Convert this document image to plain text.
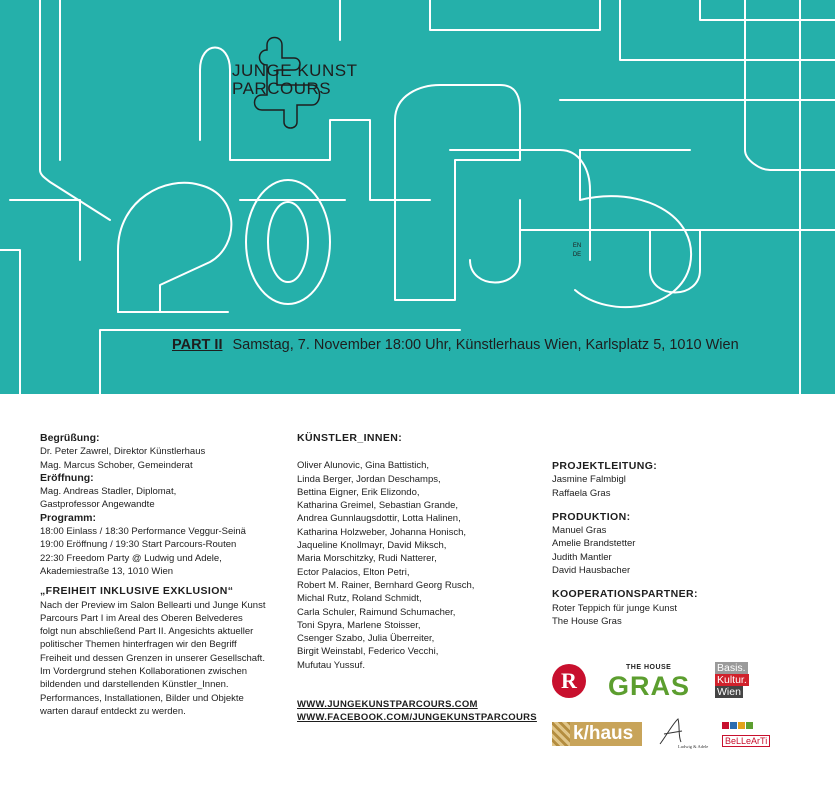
JUNGE KUNST
PARCOURS
ENDE
PART II Samstag, 7. November 18:00 Uhr, Künstlerhaus Wien, Karlsplatz 5, 1010 Wien

Begrüßung:

Dr. Peter Zawrel, Direktor Künstlerhaus

Mag. Marcus Schober, Gemeinderat

Eröffnung:

Mag. Andreas Stadler, Diplomat,

Gastprofessor Angewandte

Programm:

18:00 Einlass / 18:30 Performance Veggur-Seinä

19:00 Eröffnung / 19:30 Start Parcours-Routen

22:30 Freedom Party @ Ludwig und Adele,

Akademiestraße 13, 1010 Wien

„FREIHEIT INKLUSIVE EXKLUSION“

Nach der Preview im Salon Bellearti und Junge Kunst

Parcours Part I im Areal des Oberen Belvederes

folgt nun abschließend Part II. Angesichts aktueller

politischer Themen hinterfragen wir den Begriff

Freiheit und dessen Grenzen in unserer Gesellschaft.

Im Vordergrund stehen Kollaborationen zwischen

bildenden und darstellenden Künstler_Innen.

Performances, Installationen, Bilder und Objekte

warten darauf entdeckt zu werden.

KÜNSTLER_INNEN:

Oliver Alunovic, Gina Battistich,

Linda Berger, Jordan Deschamps,

Bettina Eigner, Erik Elizondo,

Katharina Greimel, Sebastian Grande,

Andrea Gunnlaugsdottir, Lotta Halinen,

Katharina Holzweber, Johanna Honisch,

Jaqueline Knollmayr, David Miksch,

Maria Morschitzky, Rudi Natterer,

Ector Palacios, Elton Petri,

Robert M. Rainer, Bernhard Georg Rusch,

Michal Rutz, Roland Schmidt,

Carla Schuler, Raimund Schumacher,

Toni Spyra, Marlene Stoisser,

Csenger Szabo, Julia Überreiter,

Birgit Weinstabl, Federico Vecchi,

Mufutau Yussuf.

WWW.JUNGEKUNSTPARCOURS.COM
WWW.FACEBOOK.COM/JUNGEKUNSTPARCOURS

PROJEKTLEITUNG:

Jasmine Falmbigl

Raffaela Gras

PRODUKTION:

Manuel Gras

Amelie Brandstetter

Judith Mantler

David Hausbacher

KOOPERATIONSPARTNER:

Roter Teppich für junge Kunst

The House Gras

R
THE HOUSE
GRAS
Basis.
Kultur.
Wien
k/haus
Ludwig & Adele
BeLLeArTi
